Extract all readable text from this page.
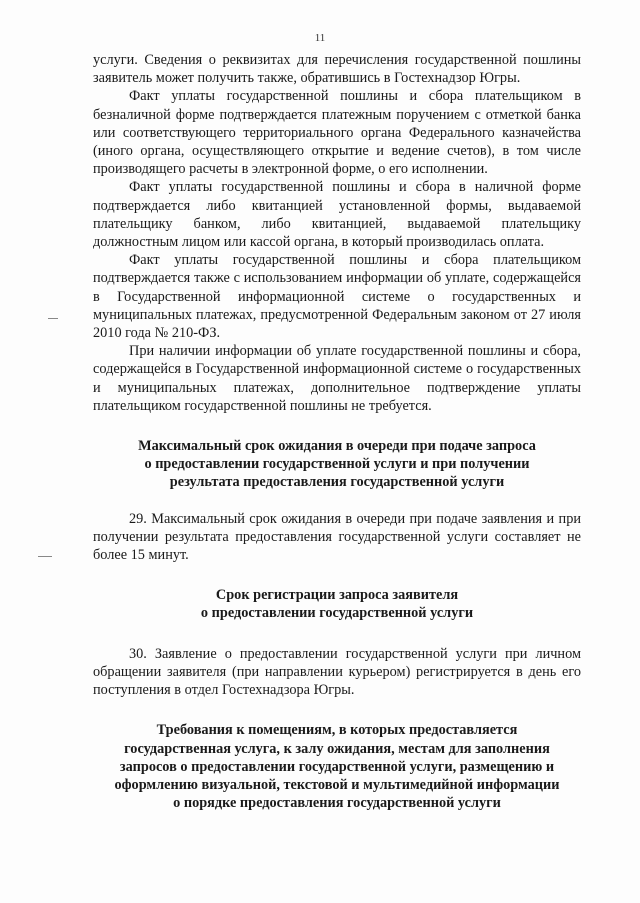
11

услуги. Сведения о реквизитах для перечисления государственной пошлины заявитель может получить также, обратившись в Гостехнадзор Югры.

Факт уплаты государственной пошлины и сбора плательщиком в безналичной форме подтверждается платежным поручением с отметкой банка или соответствующего территориального органа Федерального казначейства (иного органа, осуществляющего открытие и ведение счетов), в том числе производящего расчеты в электронной форме, о его исполнении.

Факт уплаты государственной пошлины и сбора в наличной форме подтверждается либо квитанцией установленной формы, выдаваемой плательщику банком, либо квитанцией, выдаваемой плательщику должностным лицом или кассой органа, в который производилась оплата.

Факт уплаты государственной пошлины и сбора плательщиком подтверждается также с использованием информации об уплате, содержащейся в Государственной информационной системе о государственных и муниципальных платежах, предусмотренной Федеральным законом от 27 июля 2010 года № 210-ФЗ.

При наличии информации об уплате государственной пошлины и сбора, содержащейся в Государственной информационной системе о государственных и муниципальных платежах, дополнительное подтверждение уплаты плательщиком государственной пошлины не требуется.

Максимальный срок ожидания в очереди при подаче запроса

о предоставлении государственной услуги и при получении

результата предоставления государственной услуги

29. Максимальный срок ожидания в очереди при подаче заявления и при получении результата предоставления государственной услуги составляет не более 15 минут.

Срок регистрации запроса заявителя

о предоставлении государственной услуги

30. Заявление о предоставлении государственной услуги при личном обращении заявителя (при направлении курьером) регистрируется в день его поступления в отдел Гостехнадзора Югры.

Требования к помещениям, в которых предоставляется

государственная услуга, к залу ожидания, местам для заполнения

запросов о предоставлении государственной услуги, размещению и

оформлению визуальной, текстовой и мультимедийной информации

о порядке предоставления государственной услуги
